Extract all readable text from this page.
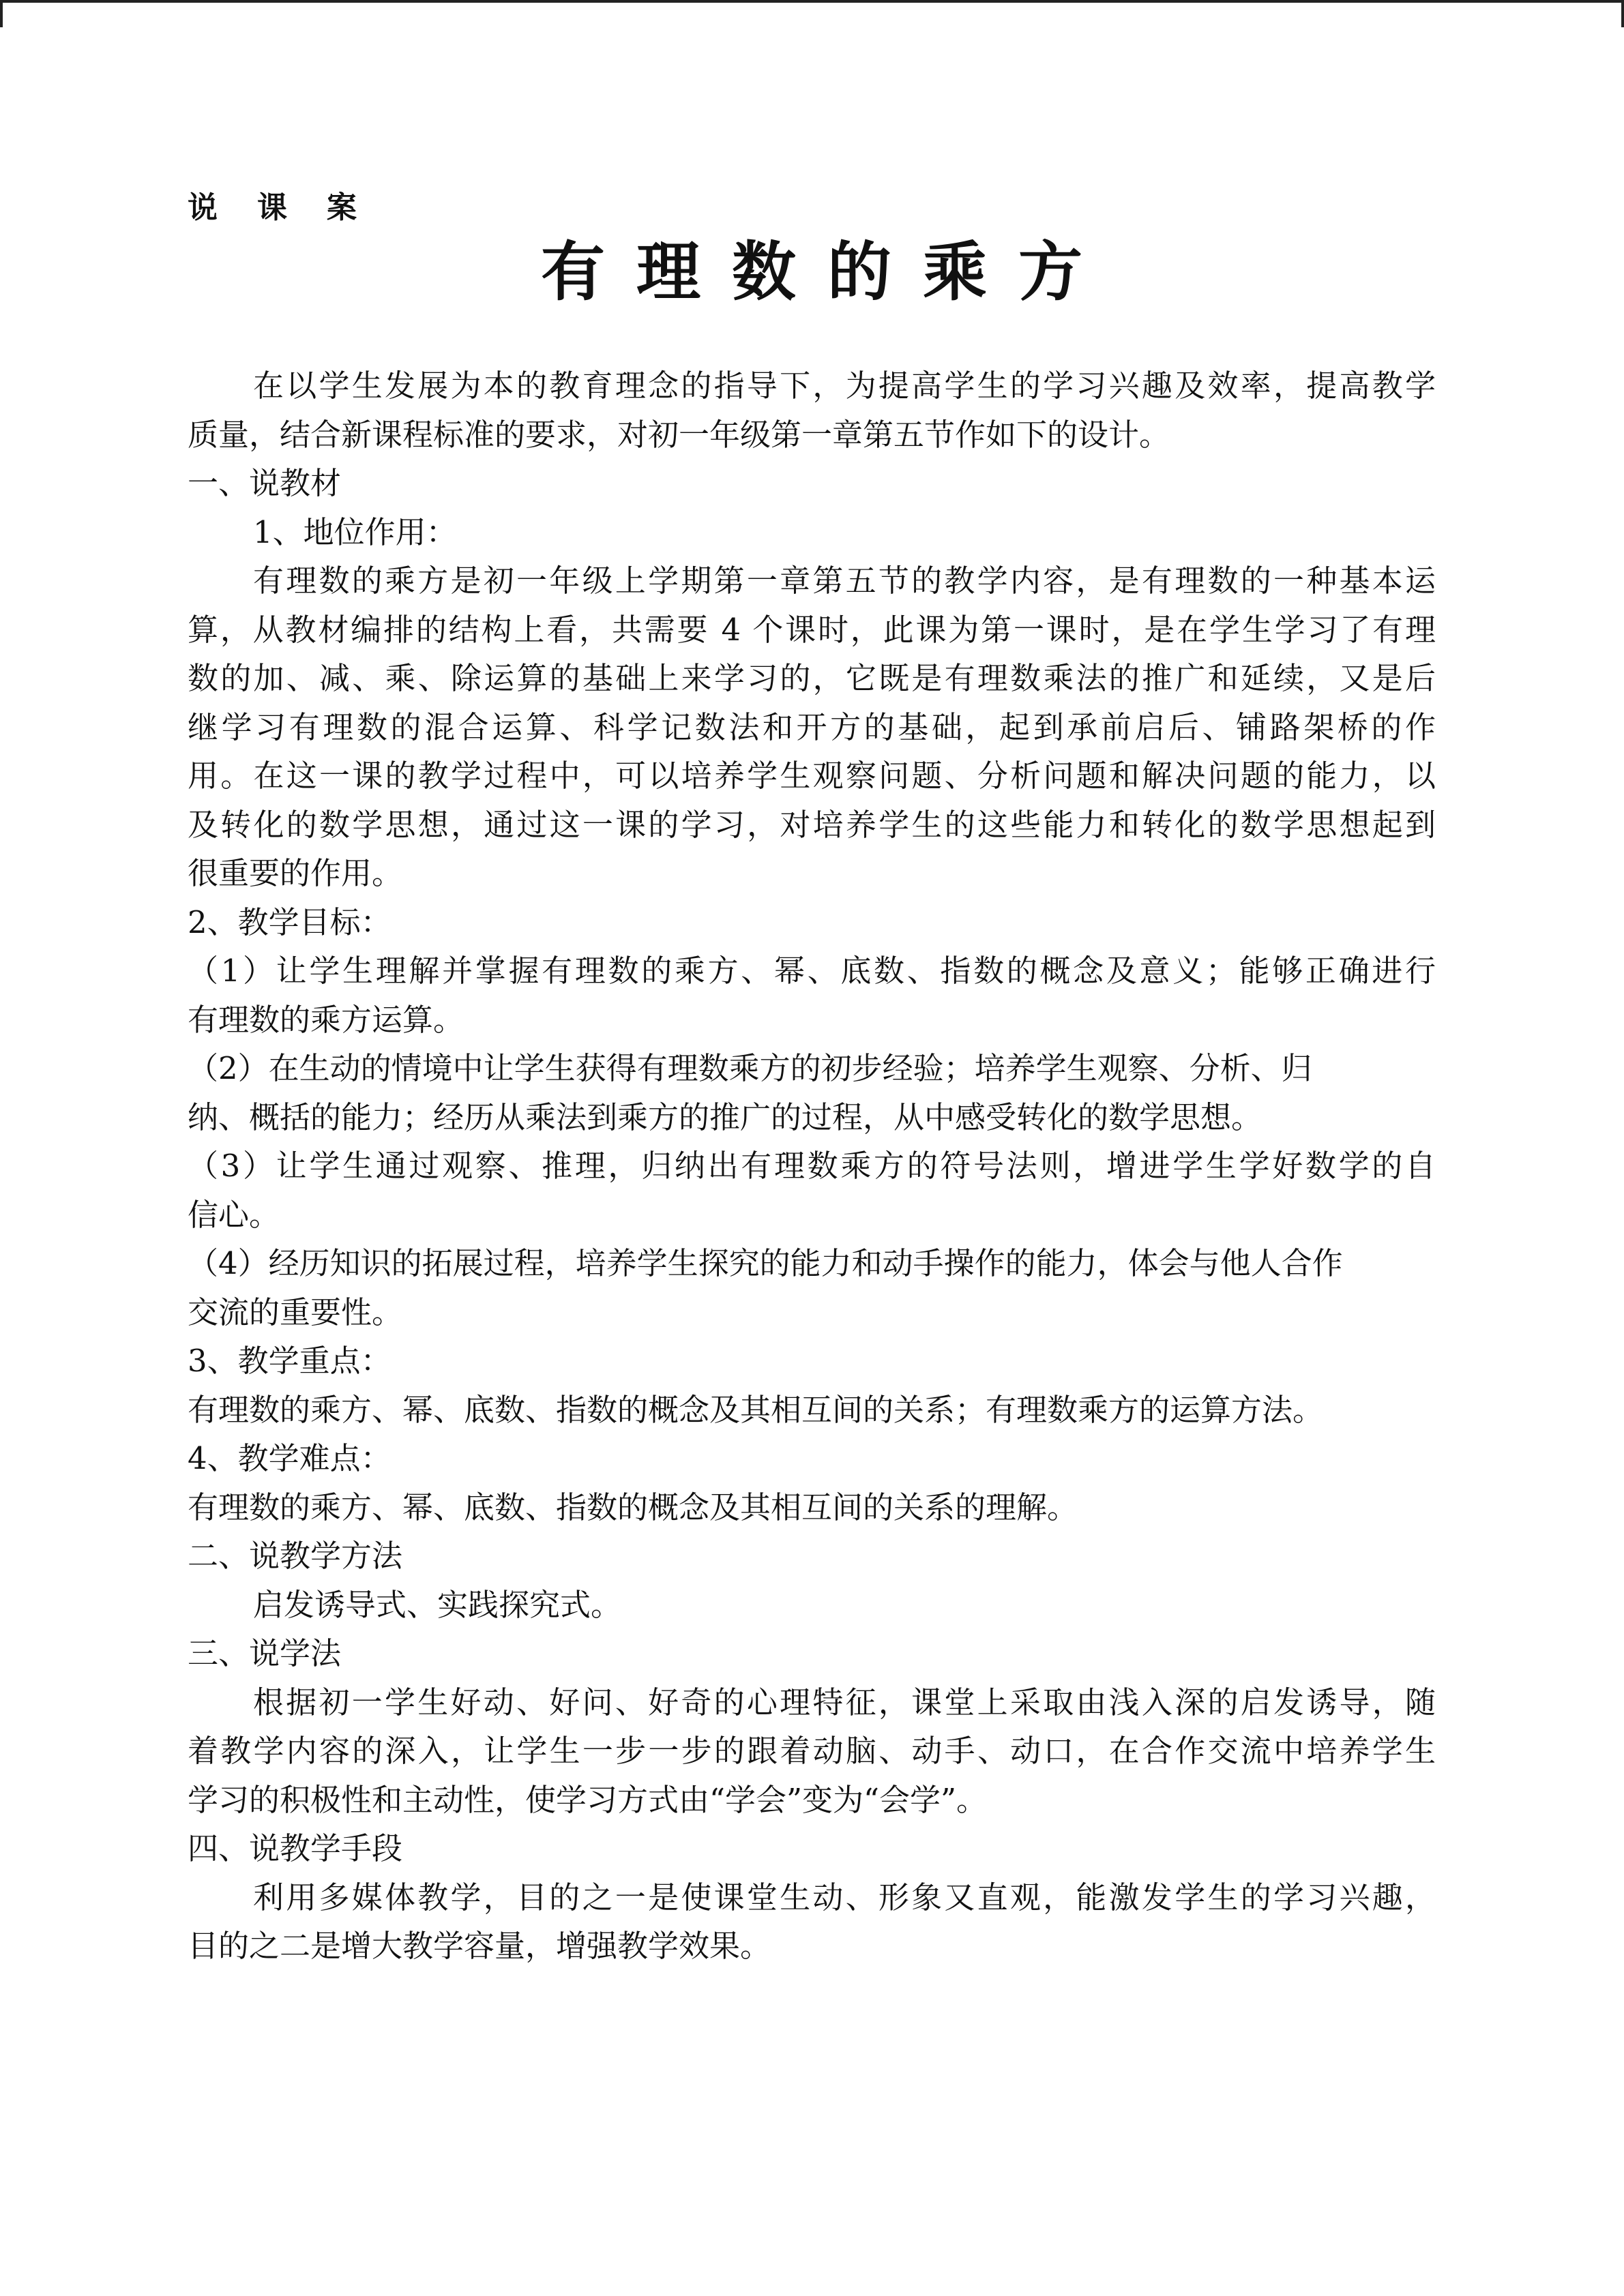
说课案

有理数的乘方

在以学生发展为本的教育理念的指导下，为提高学生的学习兴趣及效率，提高教学

质量，结合新课程标准的要求，对初一年级第一章第五节作如下的设计。

一、说教材

1、地位作用：

有理数的乘方是初一年级上学期第一章第五节的教学内容，是有理数的一种基本运

算，从教材编排的结构上看，共需要 4 个课时，此课为第一课时，是在学生学习了有理

数的加、减、乘、除运算的基础上来学习的，它既是有理数乘法的推广和延续，又是后

继学习有理数的混合运算、科学记数法和开方的基础，起到承前启后、铺路架桥的作

用。在这一课的教学过程中，可以培养学生观察问题、分析问题和解决问题的能力，以

及转化的数学思想，通过这一课的学习，对培养学生的这些能力和转化的数学思想起到

很重要的作用。

2、教学目标：

（1）让学生理解并掌握有理数的乘方、幂、底数、指数的概念及意义；能够正确进行

有理数的乘方运算。

（2）在生动的情境中让学生获得有理数乘方的初步经验；培养学生观察、分析、归

纳、概括的能力；经历从乘法到乘方的推广的过程，从中感受转化的数学思想。

（3）让学生通过观察、推理，归纳出有理数乘方的符号法则，增进学生学好数学的自

信心。

（4）经历知识的拓展过程，培养学生探究的能力和动手操作的能力，体会与他人合作

交流的重要性。

3、教学重点：

有理数的乘方、幂、底数、指数的概念及其相互间的关系；有理数乘方的运算方法。

4、教学难点：

有理数的乘方、幂、底数、指数的概念及其相互间的关系的理解。

二、说教学方法

启发诱导式、实践探究式。

三、说学法

根据初一学生好动、好问、好奇的心理特征，课堂上采取由浅入深的启发诱导，随

着教学内容的深入，让学生一步一步的跟着动脑、动手、动口，在合作交流中培养学生

学习的积极性和主动性，使学习方式由“学会”变为“会学”。

四、说教学手段

利用多媒体教学，目的之一是使课堂生动、形象又直观，能激发学生的学习兴趣，

目的之二是增大教学容量，增强教学效果。
